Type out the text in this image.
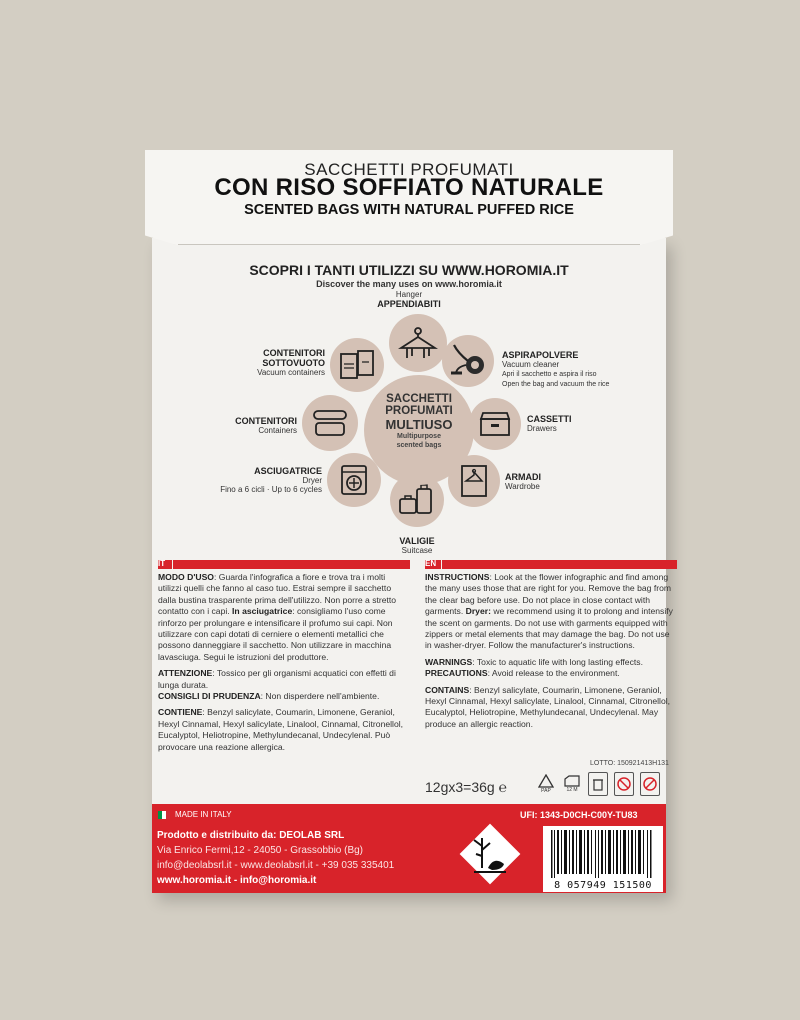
SACCHETTI PROFUMATI
CON RISO SOFFIATO NATURALE
SCENTED BAGS WITH NATURAL PUFFED RICE
SCOPRI I TANTI UTILIZZI SU WWW.HOROMIA.IT
Discover the many uses on www.horomia.it
Hanger
APPENDIABITI
ASPIRAPOLVERE
Vacuum cleaner
Apri il sacchetto e aspira il riso
Open the bag and vacuum the rice
CASSETTI
Drawers
ARMADI
Wardrobe
VALIGIE
Suitcase
ASCIUGATRICE
Dryer
Fino a 6 cicli · Up to 6 cycles
CONTENITORI
Containers
CONTENITORI
SOTTOVUOTO
Vacuum containers
SACCHETTI
PROFUMATI
MULTIUSO
Multipurpose
scented bags
IT

MODO D'USO: Guarda l'infografica a fiore e trova tra i molti utilizzi quelli che fanno al caso tuo. Estrai sempre il sacchetto dalla bustina trasparente prima dell'utilizzo. Non porre a stretto contatto con i capi. In asciugatrice: consigliamo l'uso come rinforzo per prolungare e intensificare il profumo sui capi. Non utilizzare con capi dotati di cerniere o elementi metallici che possono danneggiare il sacchetto. Non utilizzare in macchina lavasciuga. Segui le istruzioni del produttore.

ATTENZIONE: Tossico per gli organismi acquatici con effetti di lunga durata.

CONSIGLI DI PRUDENZA: Non disperdere nell'ambiente.

CONTIENE: Benzyl salicylate, Coumarin, Limonene, Geraniol, Hexyl Cinnamal, Hexyl salicylate, Linalool, Cinnamal, Citronellol, Eucalyptol, Heliotropine, Methylundecanal, Undecylenal. Può provocare una reazione allergica.

EN

INSTRUCTIONS: Look at the flower infographic and find among the many uses those that are right for you. Remove the bag from the clear bag before use. Do not place in close contact with garments. Dryer: we recommend using it to prolong and intensify the scent on garments. Do not use with garments equipped with zippers or metal elements that may damage the bag. Do not use in washer-dryer. Follow the manufacturer's instructions.

WARNINGS: Toxic to aquatic life with long lasting effects.

PRECAUTIONS: Avoid release to the environment.

CONTAINS: Benzyl salicylate, Coumarin, Limonene, Geraniol, Hexyl Cinnamal, Hexyl salicylate, Linalool, Cinnamal, Citronellol, Eucalyptol, Heliotropine, Methylundecanal, Undecylenal. May produce an allergic reaction.

LOTTO: 150921413H131
12gx3=36g ℮	PAP	12 M
MADE IN ITALY
Prodotto e distribuito da: DEOLAB SRL
Via Enrico Fermi,12 - 24050 - Grassobbio (Bg)
info@deolabsrl.it - www.deolabsrl.it - +39 035 335401
www.horomia.it - info@horomia.it
UFI: 1343-D0CH-C00Y-TU83
8 057949 151500
